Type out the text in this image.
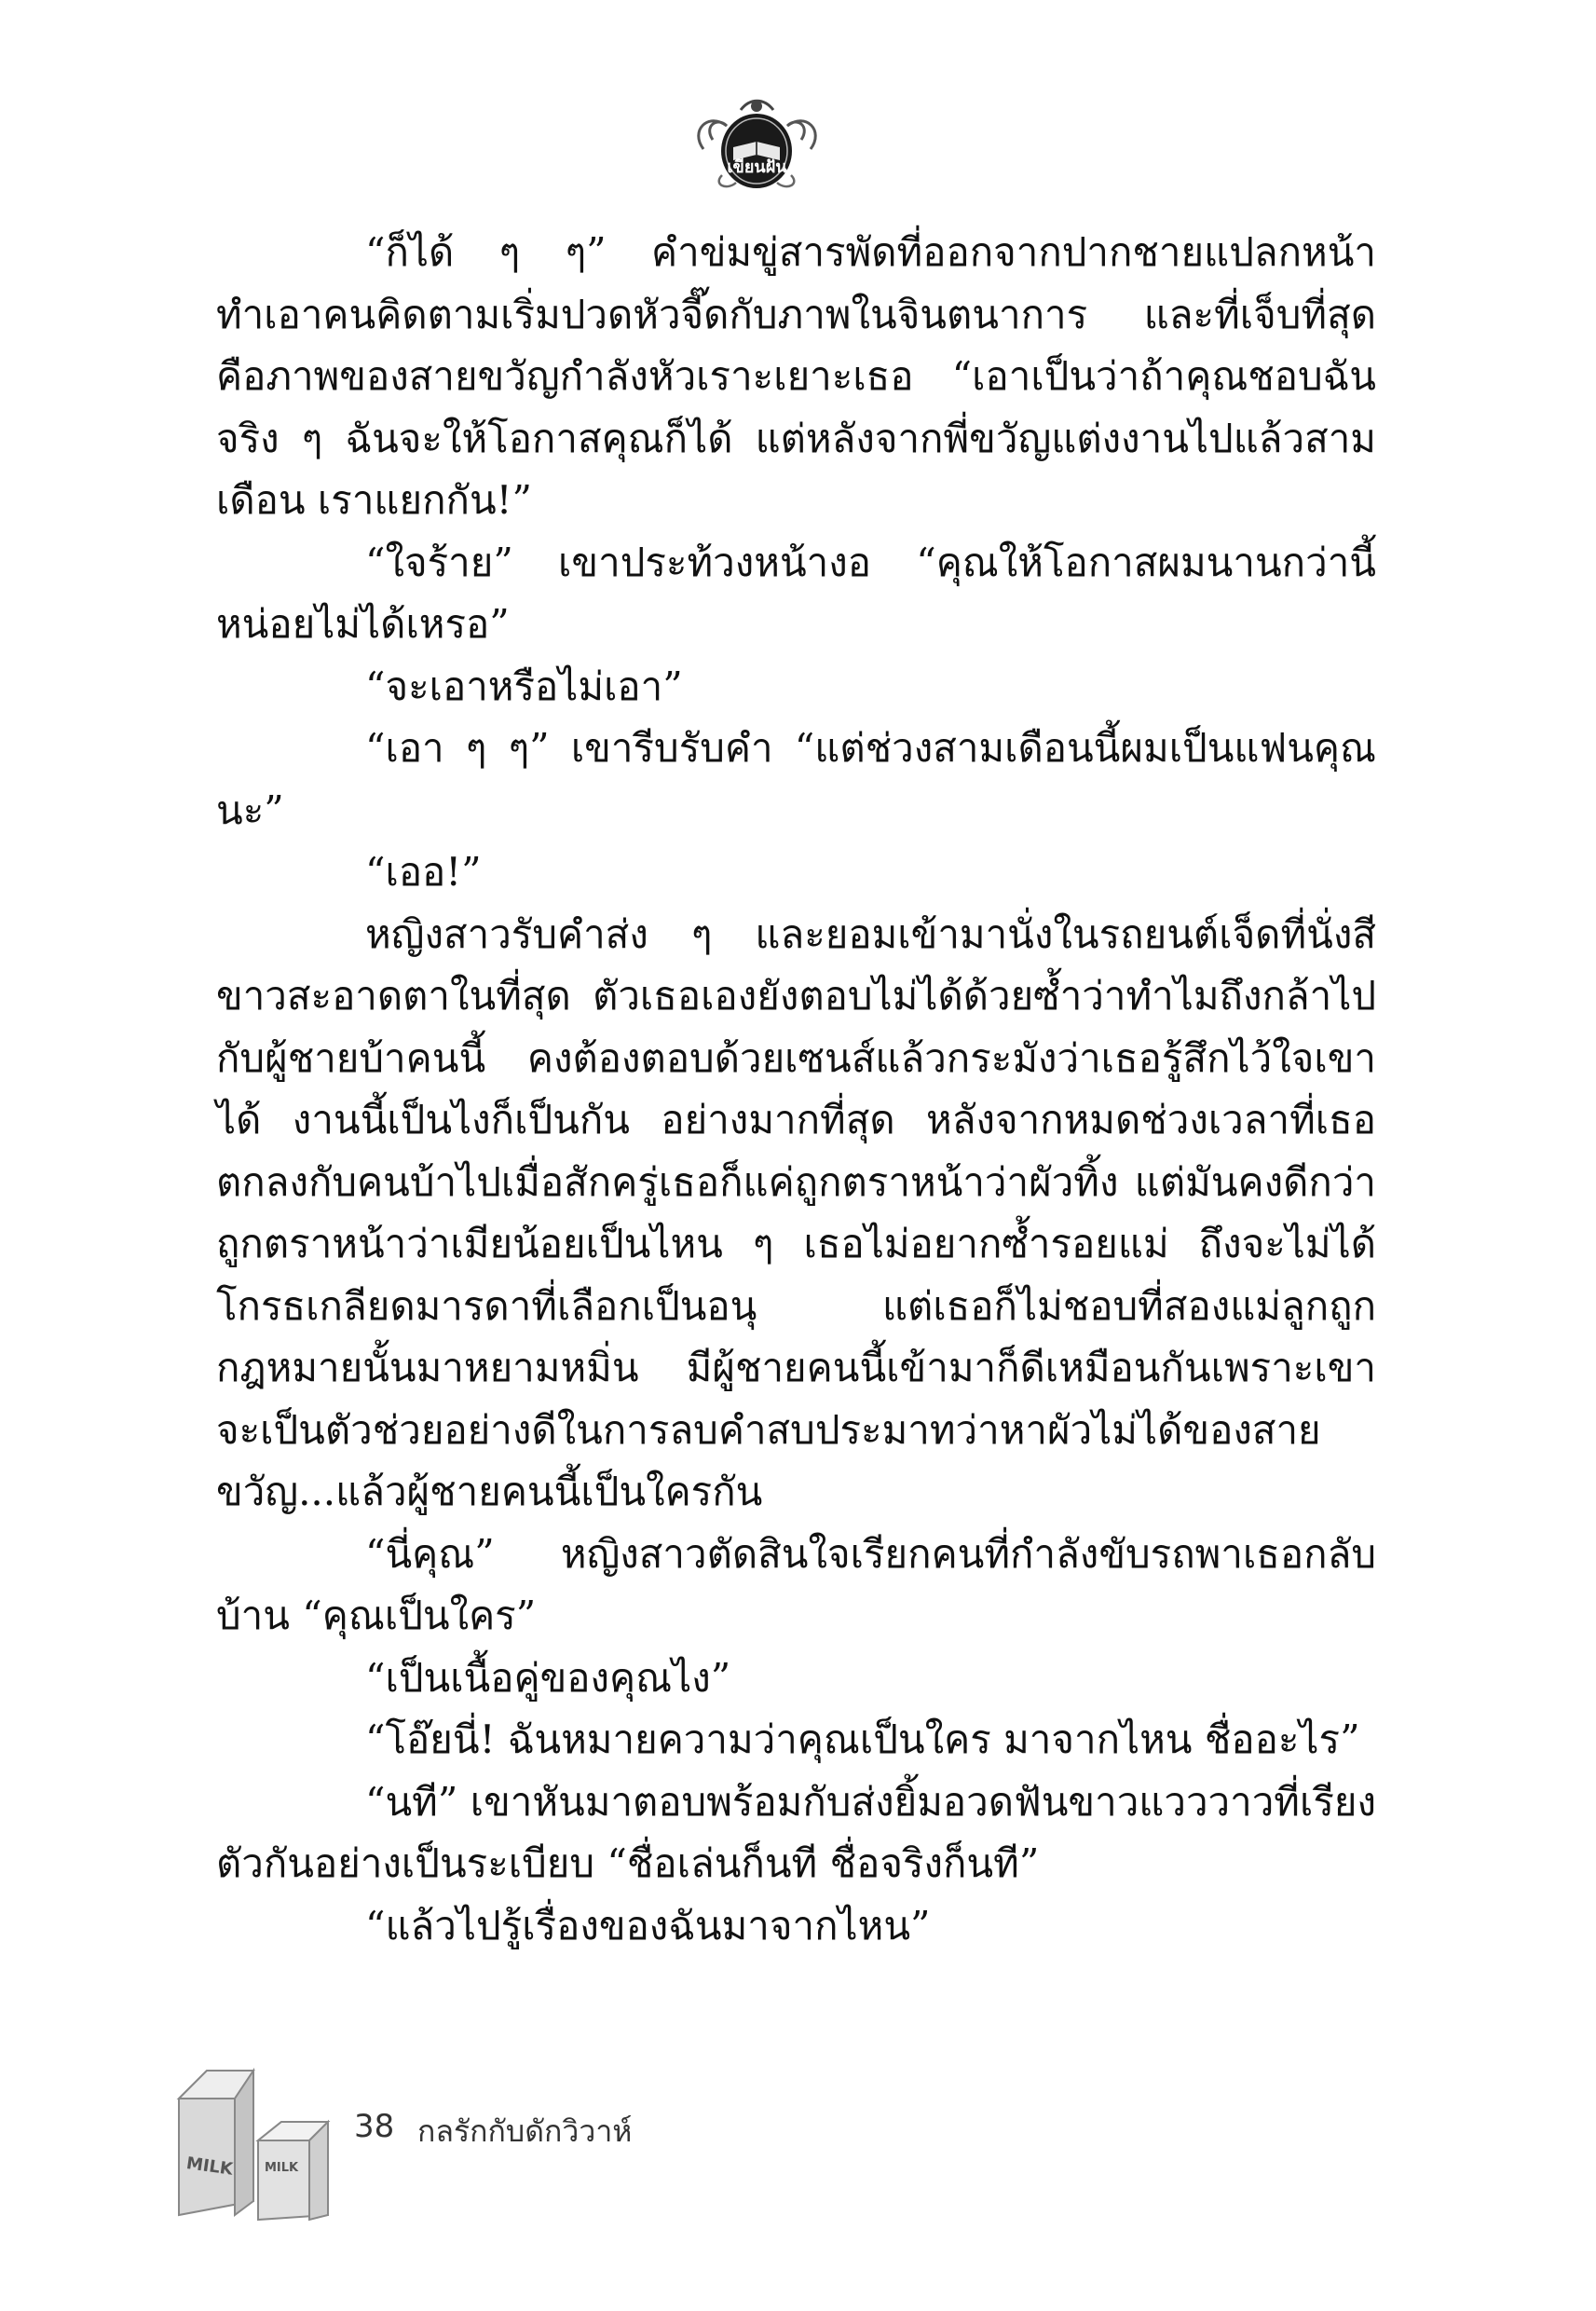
เขียนฝัน

“ก็ได้ ๆ ๆ” คำข่มขู่สารพัดที่ออกจากปากชายแปลกหน้าทำเอาคนคิดตามเริ่มปวดหัวจี๊ดกับภาพในจินตนาการ และที่เจ็บที่สุดคือภาพของสายขวัญกำลังหัวเราะเยาะเธอ “เอาเป็นว่าถ้าคุณชอบฉันจริง ๆ ฉันจะให้โอกาสคุณก็ได้ แต่หลังจากพี่ขวัญแต่งงานไปแล้วสามเดือน เราแยกกัน!”

“ใจร้าย” เขาประท้วงหน้างอ “คุณให้โอกาสผมนานกว่านี้หน่อยไม่ได้เหรอ”

“จะเอาหรือไม่เอา”

“เอา ๆ ๆ” เขารีบรับคำ “แต่ช่วงสามเดือนนี้ผมเป็นแฟนคุณนะ”

“เออ!”

หญิงสาวรับคำส่ง ๆ และยอมเข้ามานั่งในรถยนต์เจ็ดที่นั่งสีขาวสะอาดตาในที่สุด ตัวเธอเองยังตอบไม่ได้ด้วยซ้ำว่าทำไมถึงกล้าไปกับผู้ชายบ้าคนนี้ คงต้องตอบด้วยเซนส์แล้วกระมังว่าเธอรู้สึกไว้ใจเขาได้ งานนี้เป็นไงก็เป็นกัน อย่างมากที่สุด หลังจากหมดช่วงเวลาที่เธอตกลงกับคนบ้าไปเมื่อสักครู่เธอก็แค่ถูกตราหน้าว่าผัวทิ้ง แต่มันคงดีกว่าถูกตราหน้าว่าเมียน้อยเป็นไหน ๆ เธอไม่อยากซ้ำรอยแม่ ถึงจะไม่ได้โกรธเกลียดมารดาที่เลือกเป็นอนุ แต่เธอก็ไม่ชอบที่สองแม่ลูกถูกกฎหมายนั้นมาหยามหมิ่น มีผู้ชายคนนี้เข้ามาก็ดีเหมือนกันเพราะเขาจะเป็นตัวช่วยอย่างดีในการลบคำสบประมาทว่าหาผัวไม่ได้ของสายขวัญ...แล้วผู้ชายคนนี้เป็นใครกัน

“นี่คุณ” หญิงสาวตัดสินใจเรียกคนที่กำลังขับรถพาเธอกลับบ้าน “คุณเป็นใคร”

“เป็นเนื้อคู่ของคุณไง”

“โอ๊ยนี่! ฉันหมายความว่าคุณเป็นใคร มาจากไหน ชื่ออะไร”

“นที” เขาหันมาตอบพร้อมกับส่งยิ้มอวดฟันขาวแวววาวที่เรียงตัวกันอย่างเป็นระเบียบ “ชื่อเล่นก็นที ชื่อจริงก็นที”

“แล้วไปรู้เรื่องของฉันมาจากไหน”

MILK	MILK
38 กลรักกับดักวิวาห์
